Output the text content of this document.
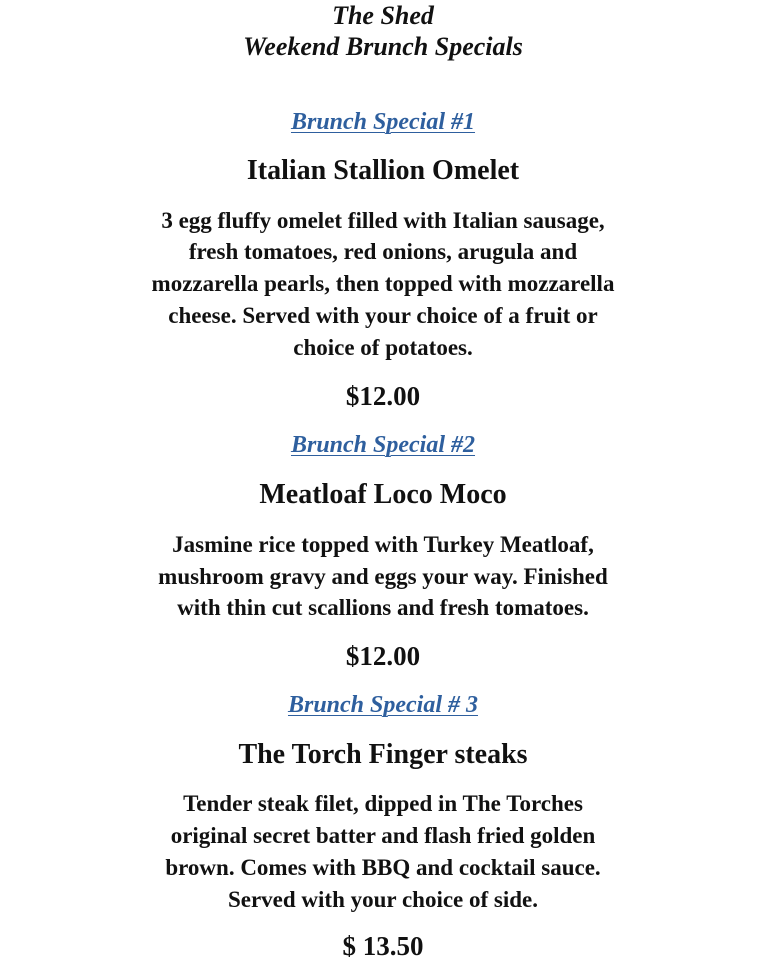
The Shed
Weekend Brunch Specials
Brunch Special #1
Italian Stallion Omelet
3 egg fluffy omelet filled with Italian sausage,
fresh tomatoes, red onions, arugula and
mozzarella pearls, then topped with mozzarella
cheese. Served with your choice of a fruit or
choice of potatoes.
$12.00
Brunch Special #2
Meatloaf Loco Moco
Jasmine rice topped with Turkey Meatloaf,
mushroom gravy and eggs your way. Finished
with thin cut scallions and fresh tomatoes.
$12.00
Brunch Special # 3
The Torch Finger steaks
Tender steak filet, dipped in The Torches
original secret batter and flash fried golden
brown. Comes with BBQ and cocktail sauce.
Served with your choice of side.
$ 13.50
